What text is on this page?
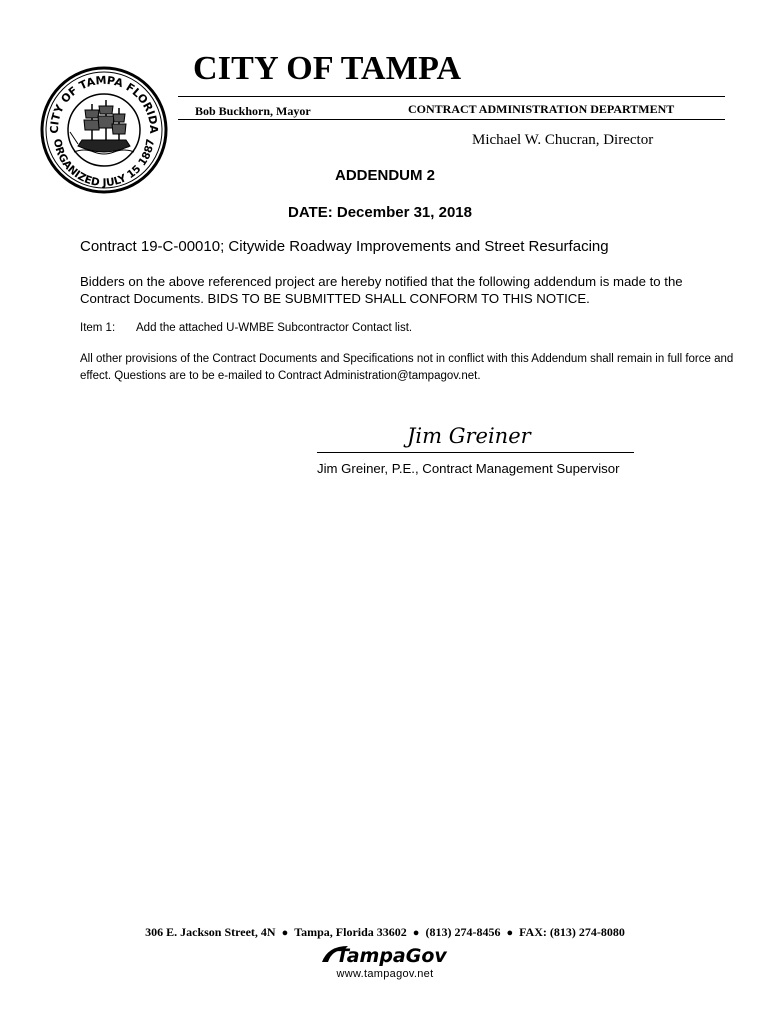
CITY OF TAMPA FLORIDA
ORGANIZED JULY 15 1887
CITY OF TAMPA
Bob Buckhorn, Mayor	CONTRACT ADMINISTRATION DEPARTMENT
Michael W. Chucran, Director
ADDENDUM 2
DATE: December 31, 2018
Contract 19-C-00010; Citywide Roadway Improvements and Street Resurfacing
Bidders on the above referenced project are hereby notified that the following addendum is made to the Contract Documents. BIDS TO BE SUBMITTED SHALL CONFORM TO THIS NOTICE.
Item 1: Add the attached U-WMBE Subcontractor Contact list.
All other provisions of the Contract Documents and Specifications not in conflict with this Addendum shall remain in full force and effect. Questions are to be e-mailed to Contract Administration@tampagov.net.
Jim Greiner
Jim Greiner, P.E., Contract Management Supervisor
306 E. Jackson Street, 4N ● Tampa, Florida 33602 ● (813) 274-8456 ● FAX: (813) 274-8080
TampaGov
www.tampagov.net
